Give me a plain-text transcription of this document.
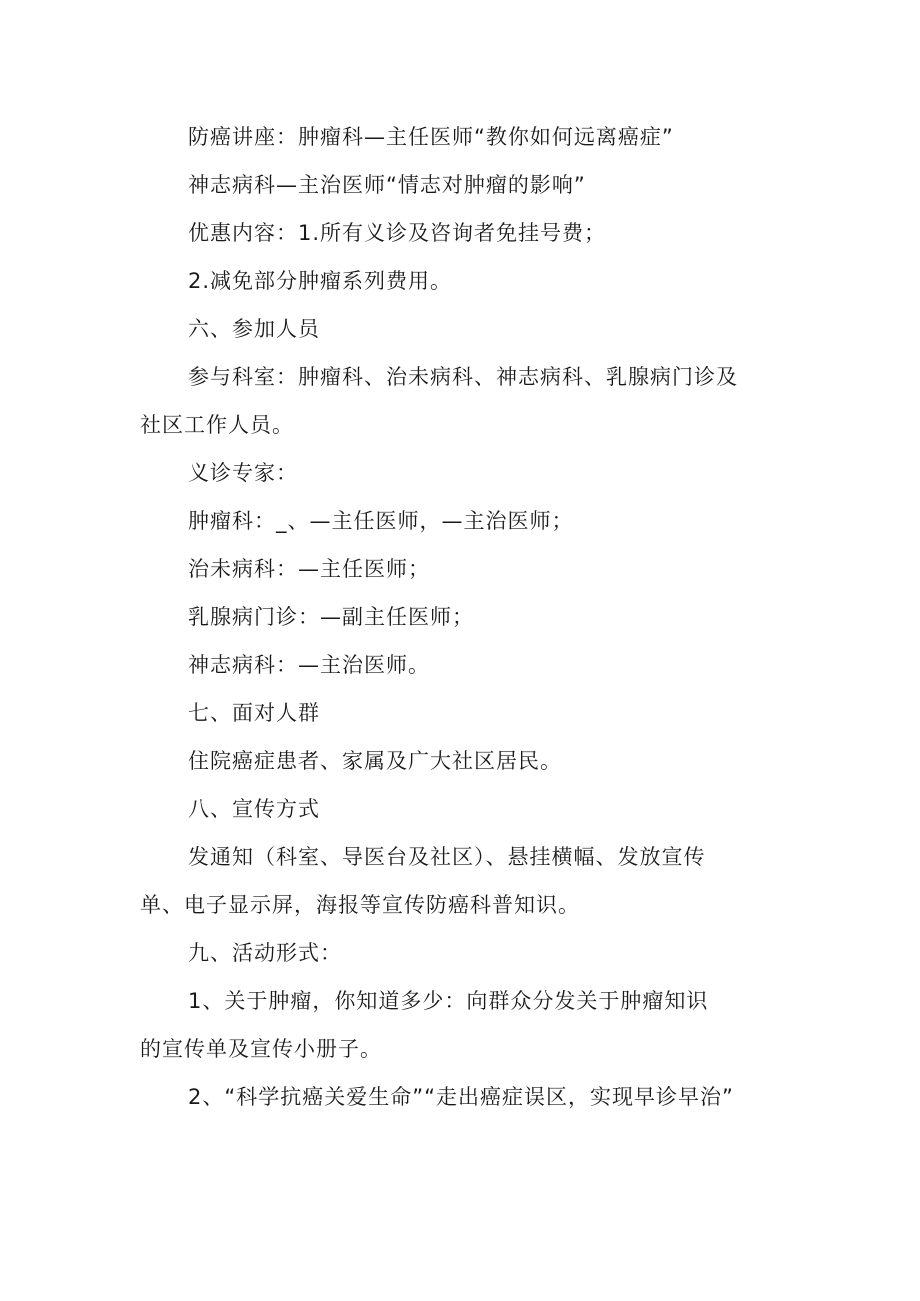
防癌讲座：肿瘤科—主任医师“教你如何远离癌症”
神志病科—主治医师“情志对肿瘤的影响”
优惠内容：1.所有义诊及咨询者免挂号费；
2.减免部分肿瘤系列费用。
六、参加人员
参与科室：肿瘤科、治未病科、神志病科、乳腺病门诊及
社区工作人员。
义诊专家：
肿瘤科：_、—主任医师，—主治医师；
治未病科：—主任医师；
乳腺病门诊：—副主任医师；
神志病科：—主治医师。
七、面对人群
住院癌症患者、家属及广大社区居民。
八、宣传方式
发通知（科室、导医台及社区）、悬挂横幅、发放宣传
单、电子显示屏，海报等宣传防癌科普知识。
九、活动形式：
1、关于肿瘤，你知道多少：向群众分发关于肿瘤知识
的宣传单及宣传小册子。
2、“科学抗癌关爱生命”“走出癌症误区，实现早诊早治”
